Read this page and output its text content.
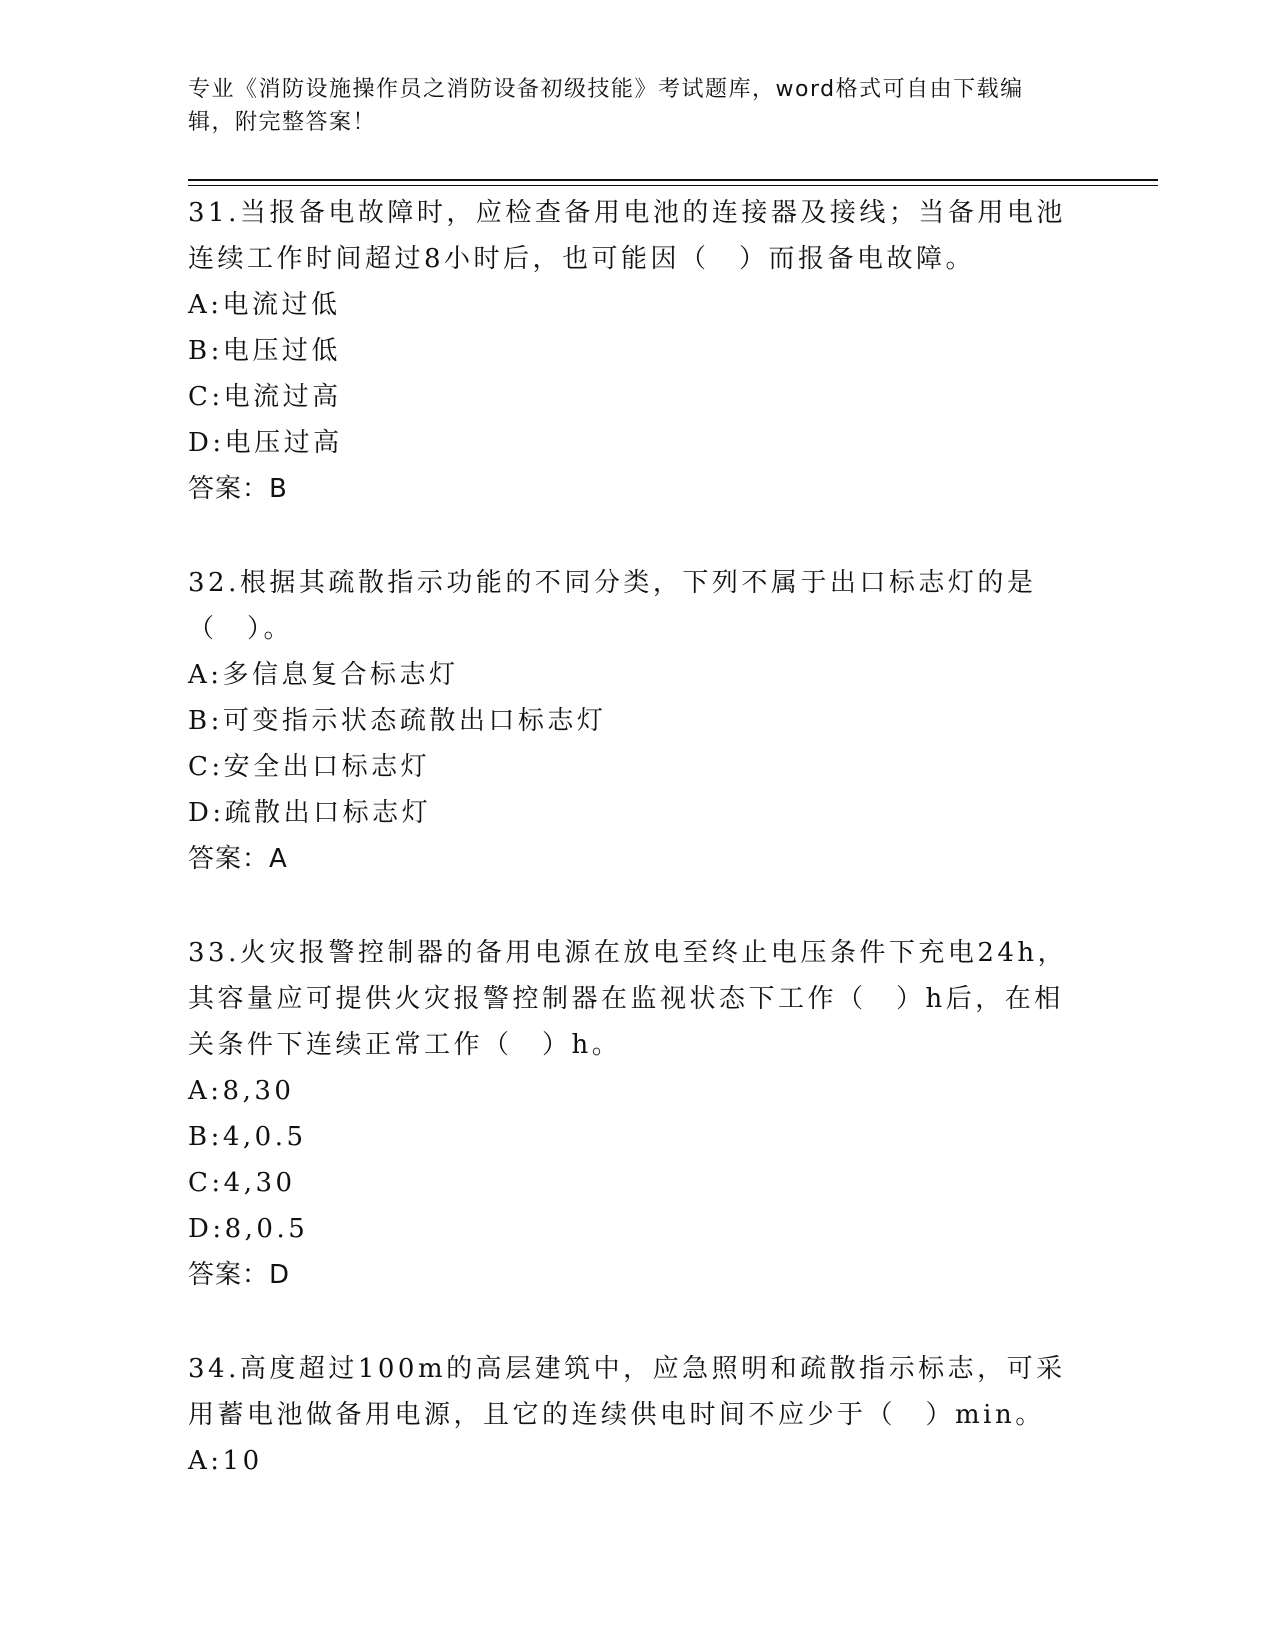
专业《消防设施操作员之消防设备初级技能》考试题库，word格式可自由下载编辑，附完整答案！

31.当报备电故障时，应检查备用电池的连接器及接线；当备用电池连续工作时间超过8小时后，也可能因（　）而报备电故障。

A:电流过低

B:电压过低

C:电流过高

D:电压过高

答案：B

32.根据其疏散指示功能的不同分类，下列不属于出口标志灯的是（　）。

A:多信息复合标志灯

B:可变指示状态疏散出口标志灯

C:安全出口标志灯

D:疏散出口标志灯

答案：A

33.火灾报警控制器的备用电源在放电至终止电压条件下充电24h，其容量应可提供火灾报警控制器在监视状态下工作（　）h后，在相关条件下连续正常工作（　）h。

A:8,30

B:4,0.5

C:4,30

D:8,0.5

答案：D

34.高度超过100m的高层建筑中，应急照明和疏散指示标志，可采用蓄电池做备用电源，且它的连续供电时间不应少于（　）min。

A:10
